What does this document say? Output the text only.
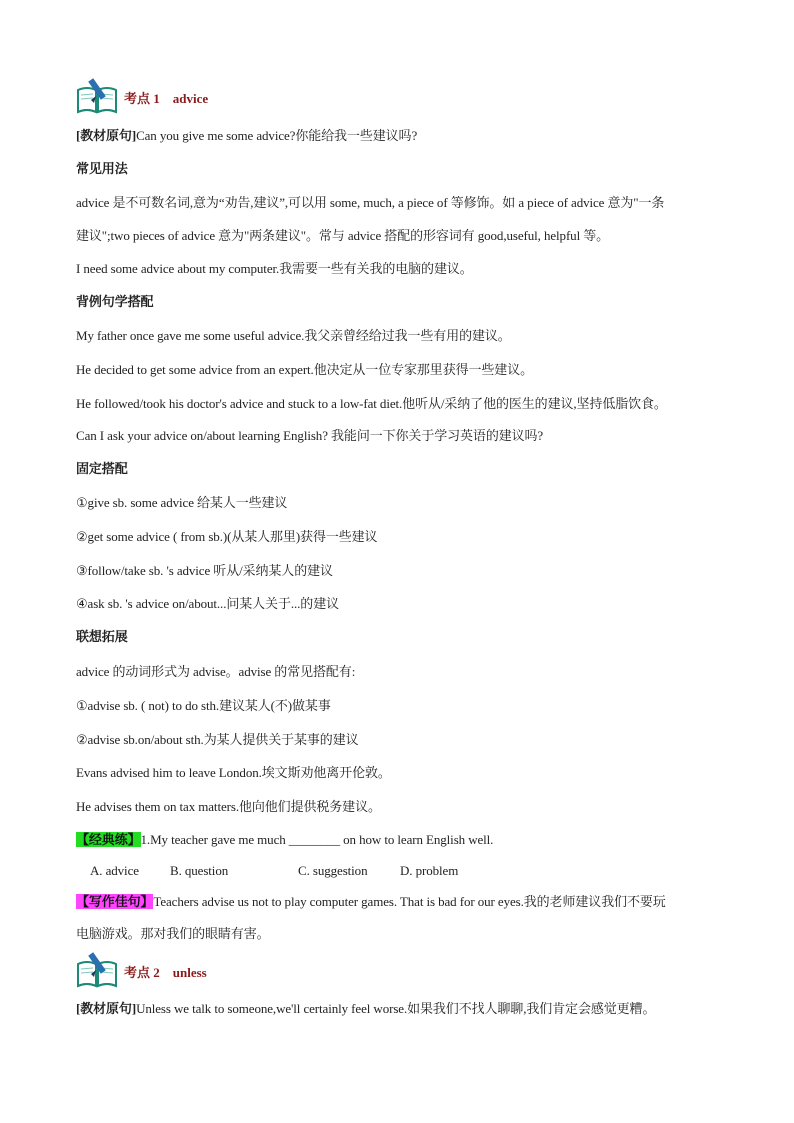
考点 1    advice
[教材原句]Can you give me some advice?你能给我一些建议吗?
常见用法
advice 是不可数名词,意为“劝告,建议”,可以用 some, much, a piece of 等修饰。如 a piece of advice 意为"一条
建议";two pieces of advice 意为"两条建议"。常与 advice 搭配的形容词有 good,useful, helpful 等。
I need some advice about my computer.我需要一些有关我的电脑的建议。
背例句学搭配
My father once gave me some useful advice.我父亲曾经给过我一些有用的建议。
He decided to get some advice from an expert.他决定从一位专家那里获得一些建议。
He followed/took his doctor's advice and stuck to a low-fat diet.他听从/采纳了他的医生的建议,坚持低脂饮食。
Can I ask your advice on/about learning English? 我能问一下你关于学习英语的建议吗?
固定搭配
①give sb. some advice 给某人一些建议
②get some advice ( from sb.)(从某人那里)获得一些建议
③follow/take sb. 's advice 听从/采纳某人的建议
④ask sb. 's advice on/about...问某人关于...的建议
联想拓展
advice 的动词形式为 advise。advise 的常见搭配有:
①advise sb. ( not) to do sth.建议某人(不)做某事
②advise sb.on/about sth.为某人提供关于某事的建议
Evans advised him to leave London.埃文斯劝他离开伦敦。
He advises them on tax matters.他向他们提供税务建议。
【经典练】1.My teacher gave me much ________ on how to learn English well.
A. advice B. question	C. suggestion	D. problem
【写作佳句】Teachers advise us not to play computer games. That is bad for our eyes.我的老师建议我们不要玩
电脑游戏。那对我们的眼睛有害。
考点 2    unless
[教材原句]Unless we talk to someone,we'll certainly feel worse.如果我们不找人聊聊,我们肯定会感觉更糟。
